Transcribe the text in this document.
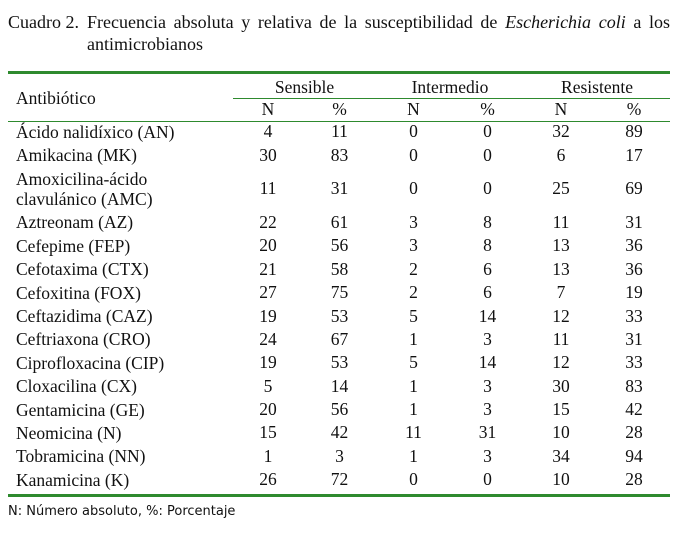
Cuadro 2. Frecuencia absoluta y relativa de la susceptibilidad de Escherichia coli a los antimicrobianos
Antibiótico	Sensible		Intermedio		Resistente	
	N	%	N	%	N	%
Ácido nalidíxico (AN)	4	11	0	0	32	89
Amikacina (MK)	30	83	0	0	6	17

Amoxicilina-ácido
clavulánico (AMC)	11	31	0	0	25	69
Aztreonam (AZ)	22	61	3	8	11	31
Cefepime (FEP)	20	56	3	8	13	36
Cefotaxima (CTX)	21	58	2	6	13	36
Cefoxitina (FOX)	27	75	2	6	7	19
Ceftazidima (CAZ)	19	53	5	14	12	33
Ceftriaxona (CRO)	24	67	1	3	11	31
Ciprofloxacina (CIP)	19	53	5	14	12	33
Cloxacilina (CX)	5	14	1	3	30	83
Gentamicina (GE)	20	56	1	3	15	42
Neomicina (N)	15	42	11	31	10	28
Tobramicina (NN)	1	3	1	3	34	94
Kanamicina (K)	26	72	0	0	10	28
N: Número absoluto, %: Porcentaje
